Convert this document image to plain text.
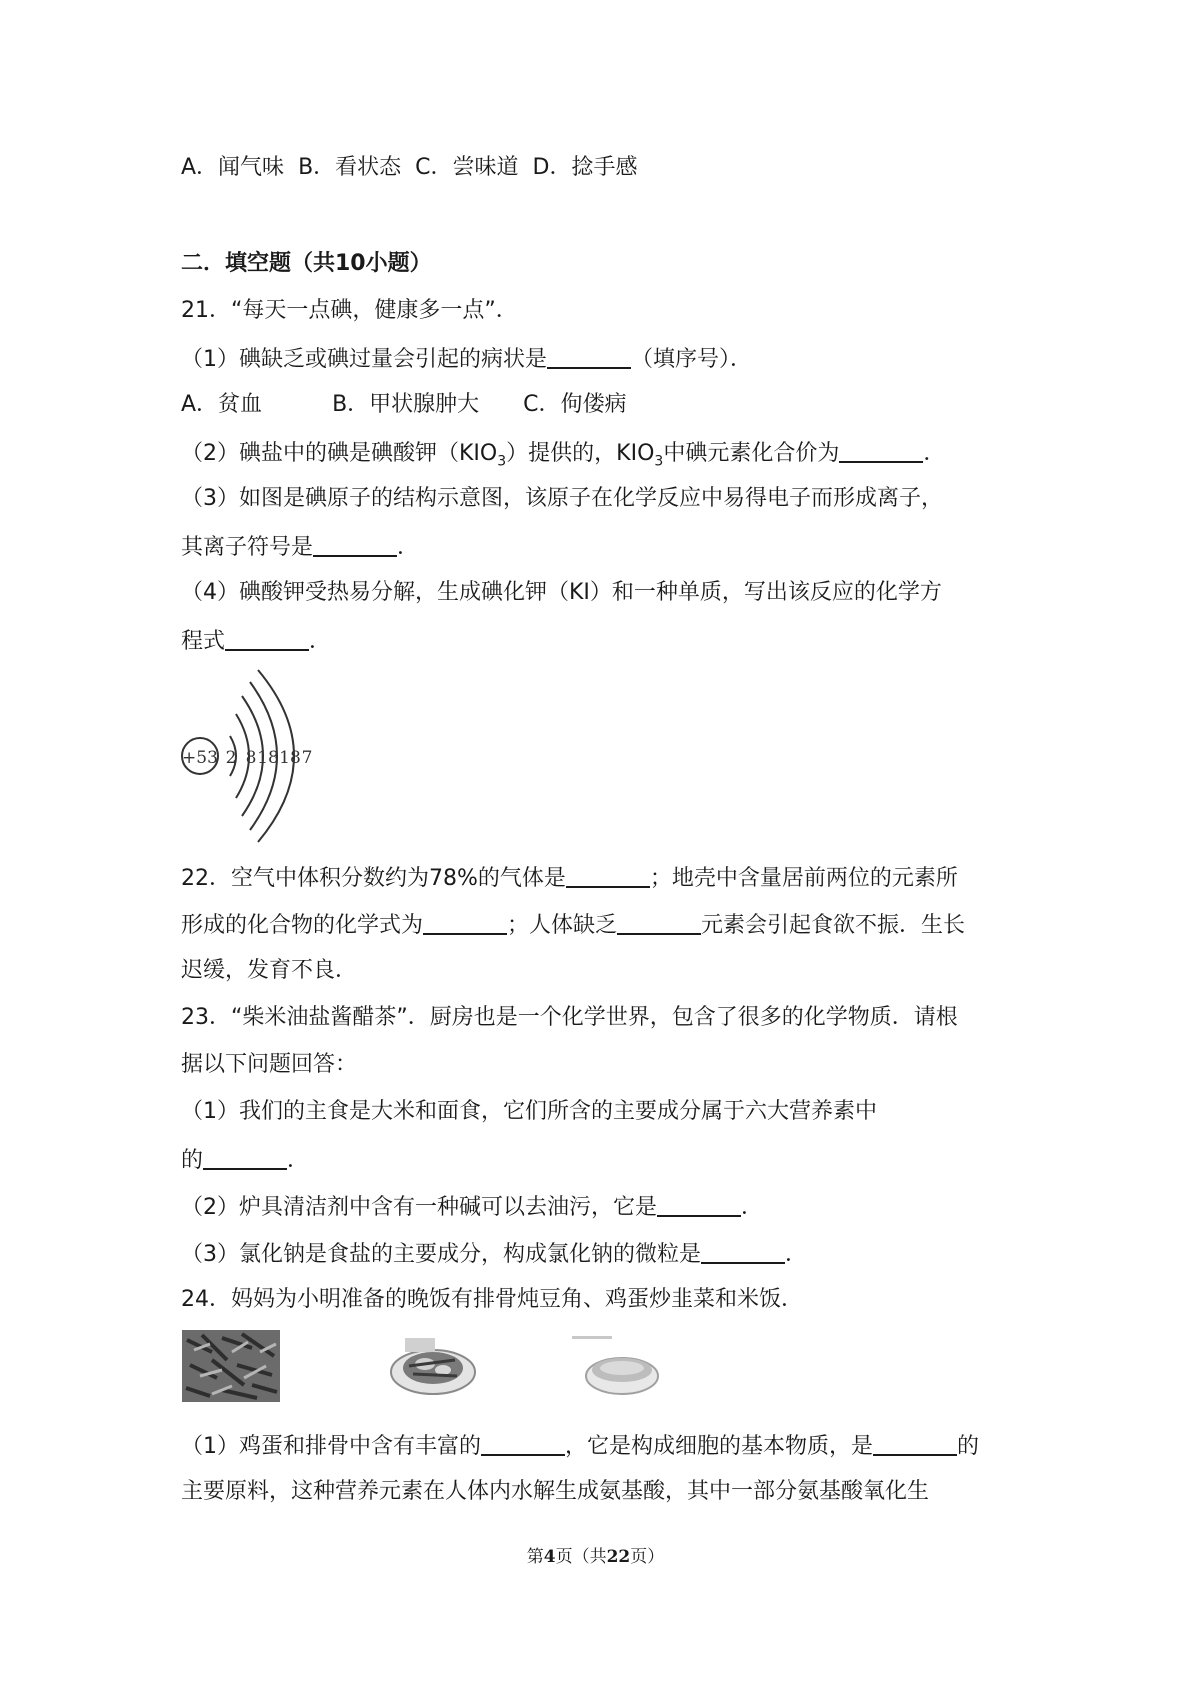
A．闻气味 B．看状态 C．尝味道 D．捻手感
二．填空题（共10小题）
21．“每天一点碘，健康多一点”．
（1）碘缺乏或碘过量会引起的病状是	（填序号）．
A．贫血	B．甲状腺肿大 C．佝偻病
（2）碘盐中的碘是碘酸钾$(KIO_3)$提供的，$KIO_3$中碘元素化合价为	．
（3）如图是碘原子的结构示意图，该原子在化学反应中易得电子而形成离子，
其离子符号是	．
（4）碘酸钾受热易分解，生成碘化钾（KI）和一种单质，写出该反应的化学方
程式	．
+53 2 8 18 18 7
22．空气中体积分数约为78%的气体是	；地壳中含量居前两位的元素所
形成的化合物的化学式为	；人体缺乏	元素会引起食欲不振．生长
迟缓，发育不良．
23．“柴米油盐酱醋茶”．厨房也是一个化学世界，包含了很多的化学物质．请根
据以下问题回答：
（1）我们的主食是大米和面食，它们所含的主要成分属于六大营养素中
的	．
（2）炉具清洁剂中含有一种碱可以去油污，它是	．
（3）氯化钠是食盐的主要成分，构成氯化钠的微粒是	．
24．妈妈为小明准备的晚饭有排骨炖豆角、鸡蛋炒韭菜和米饭．
（1）鸡蛋和排骨中含有丰富的	，它是构成细胞的基本物质，是	的
主要原料，这种营养元素在人体内水解生成氨基酸，其中一部分氨基酸氧化生
第4页（共22页）
